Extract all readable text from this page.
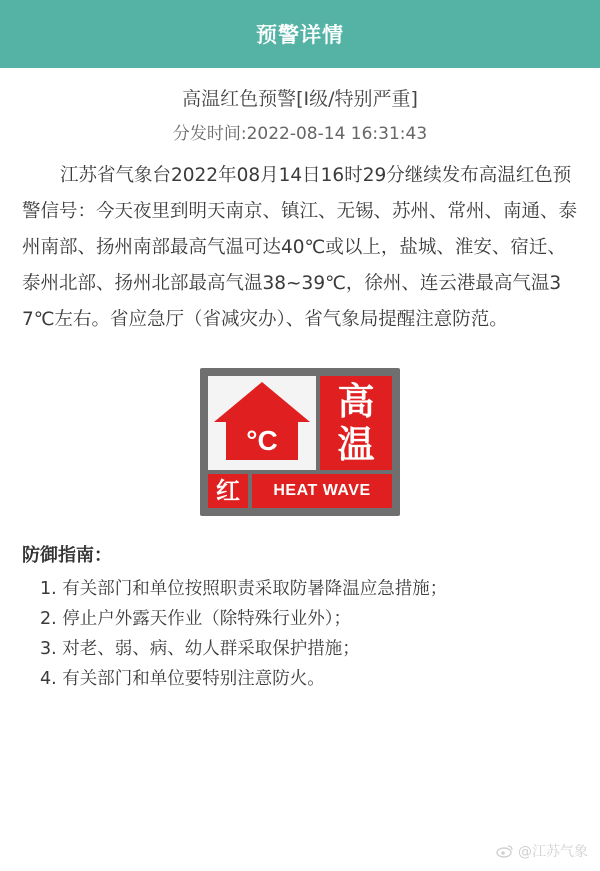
预警详情
高温红色预警[Ⅰ级/特别严重]
分发时间:2022-08-14 16:31:43
江苏省气象台2022年08月14日16时29分继续发布高温红色预警信号：今天夜里到明天南京、镇江、无锡、苏州、常州、南通、泰州南部、扬州南部最高气温可达40℃或以上，盐城、淮安、宿迁、泰州北部、扬州北部最高气温38~39℃，徐州、连云港最高气温37℃左右。省应急厅（省减灾办）、省气象局提醒注意防范。
°C
高
温
红	HEAT WAVE
防御指南：
1. 有关部门和单位按照职责采取防暑降温应急措施；
2. 停止户外露天作业（除特殊行业外）；
3. 对老、弱、病、幼人群采取保护措施；
4. 有关部门和单位要特别注意防火。
@江苏气象
